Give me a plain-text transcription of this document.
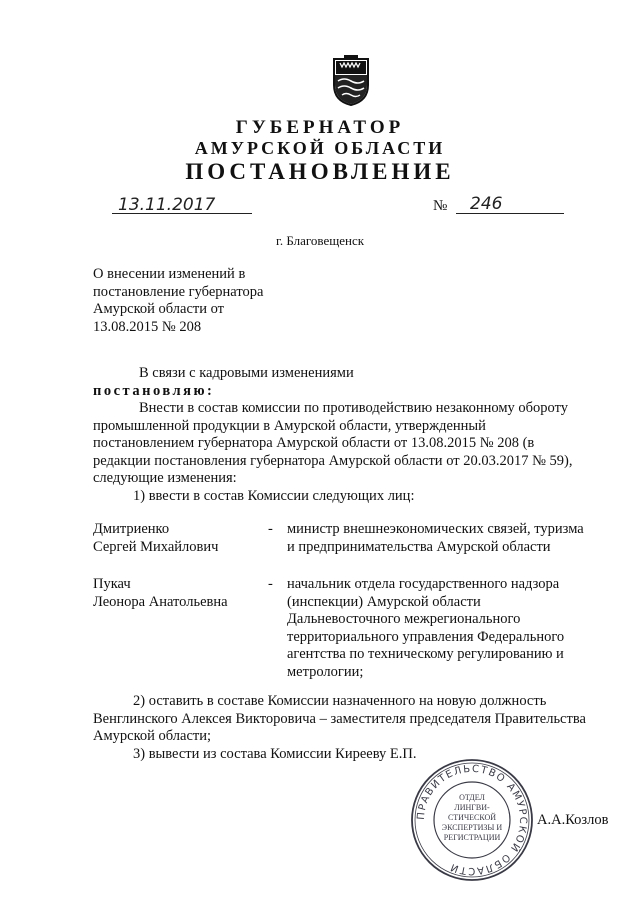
ГУБЕРНАТОР
АМУРСКОЙ ОБЛАСТИ
ПОСТАНОВЛЕНИЕ
13.11.2017	№ 246
г. Благовещенск
О внесении изменений в
постановление губернатора
Амурской области от
13.08.2015 № 208
В связи с кадровыми изменениями
постановляю:
Внести в состав комиссии по противодействию незаконному обороту
промышленной продукции в Амурской области, утвержденный
постановлением губернатора Амурской области от 13.08.2015 № 208 (в
редакции постановления губернатора Амурской области от 20.03.2017 № 59),
следующие изменения:
1) ввести в состав Комиссии следующих лиц:
Дмитриенко
Сергей Михайлович
- министр внешнеэкономических связей, туризма
и предпринимательства Амурской области
Пукач
Леонора Анатольевна
- начальник отдела государственного надзора
(инспекции) Амурской области
Дальневосточного межрегионального
территориального управления Федерального
агентства по техническому регулированию и
метрологии;
2) оставить в составе Комиссии назначенного на новую должность
Венглинского Алексея Викторовича – заместителя председателя Правительства
Амурской области;
3) вывести из состава Комиссии Кирееву Е.П.
ПРАВИТЕЛЬСТВО АМУРСКОЙ ОБЛАСТИ
ОТДЕЛ
ЛИНГВИ-
СТИЧЕСКОЙ
ЭКСПЕРТИЗЫ И
РЕГИСТРАЦИИ
А.А.Козлов
